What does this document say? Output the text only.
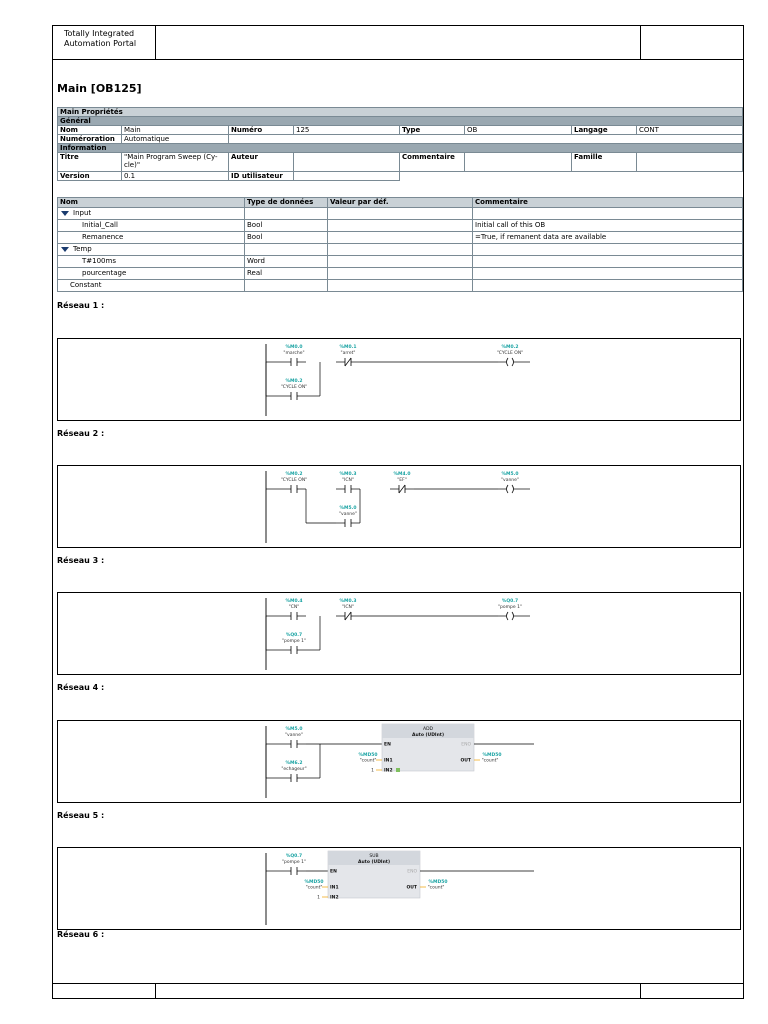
Totally Integrated
Automation Portal
Main [OB125]
Main Propriétés							
Général							
Nom	Main	Numéro	125	Type	OB	Langage	CONT
Numéroration	Automatique						
Information							
Titre	"Main Program Sweep (Cy-cle)"	Auteur		Commentaire		Famille	
Version	0.1	ID utilisateur					
Nom	Type de données	Valeur par déf.	Commentaire
Input			
Initial_Call	Bool		Initial call of this OB
Remanence	Bool		=True, if remanent data are available
Temp			
T#100ms	Word		
pourcentage	Real		
Constant			
Réseau 1 :
%M0.0
"marche"
%M0.1
"arret"
%M0.2
"CYCLE ON"
%M0.2
"CYCLE ON"
Réseau 2 :
%M0.2
"CYCLE ON"
%M0.3
"ICN"
%M4.0
"EF"
%M5.0
"vanne"
%M5.0
"vanne"
Réseau 3 :
%M0.4
"CN"
%M0.3
"ICN"
%Q0.7
"pompe 1"
%Q0.7
"pompe 1"
Réseau 4 :
%M5.0
"vanne"
%M6.2
"echageur"
ADD
Auto (UDInt)
EN	ENO
IN1
%MD50
"count"
IN2
1
OUT
%MD50
"count"
Réseau 5 :
%Q0.7
"pompe 1"
SUB
Auto (UDInt)
EN	ENO
IN1
%MD50
"count"
IN2
1
OUT
%MD50
"count"
Réseau 6 :
